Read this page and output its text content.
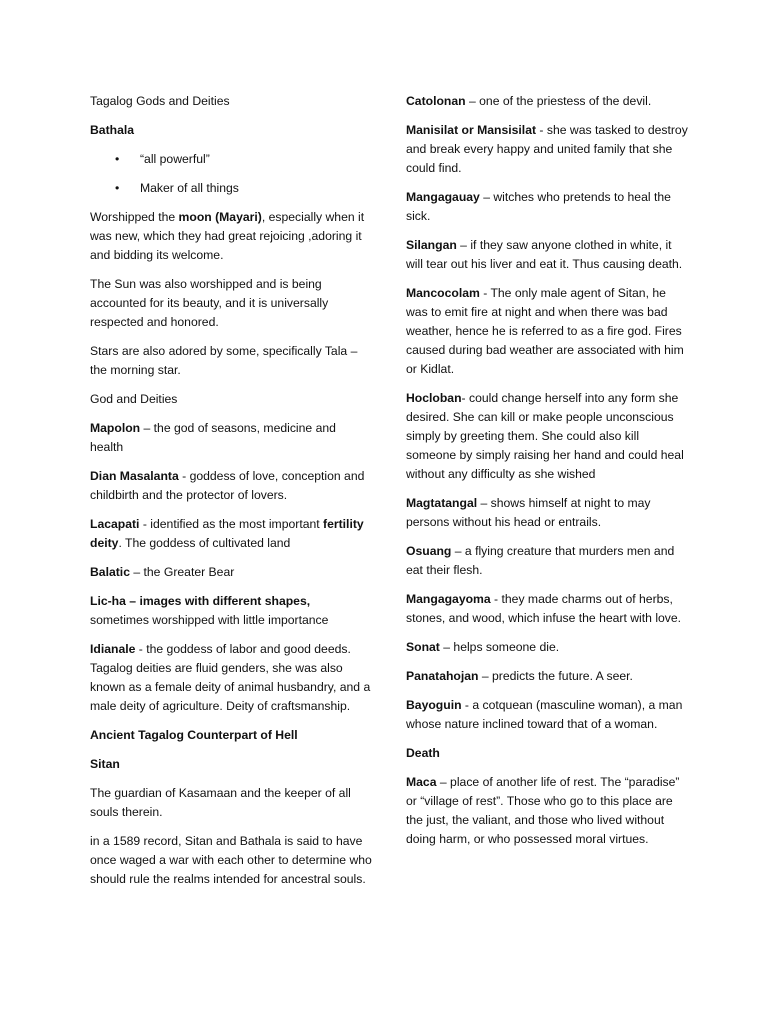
Tagalog Gods and Deities

Bathala

• “all powerful”
• Maker of all things

Worshipped the moon (Mayari), especially when it was new, which they had great rejoicing ,adoring it and bidding its welcome.

The Sun was also worshipped and is being accounted for its beauty, and it is universally respected and honored.

Stars are also adored by some, specifically Tala – the morning star.

God and Deities

Mapolon – the god of seasons, medicine and health

Dian Masalanta - goddess of love, conception and childbirth and the protector of lovers.

Lacapati - identified as the most important fertility deity. The goddess of cultivated land

Balatic – the Greater Bear

Lic-ha – images with different shapes, sometimes worshipped with little importance

Idianale - the goddess of labor and good deeds. Tagalog deities are fluid genders, she was also known as a female deity of animal husbandry, and a male deity of agriculture. Deity of craftsmanship.

Ancient Tagalog Counterpart of Hell

Sitan

The guardian of Kasamaan and the keeper of all souls therein.

in a 1589 record, Sitan and Bathala is said to have once waged a war with each other to determine who should rule the realms intended for ancestral souls.

Catolonan – one of the priestess of the devil.

Manisilat or Mansisilat - she was tasked to destroy and break every happy and united family that she could find.

Mangagauay – witches who pretends to heal the sick.

Silangan – if they saw anyone clothed in white, it will tear out his liver and eat it. Thus causing death.

Mancocolam - The only male agent of Sitan, he was to emit fire at night and when there was bad weather, hence he is referred to as a fire god. Fires caused during bad weather are associated with him or Kidlat.

Hocloban- could change herself into any form she desired. She can kill or make people unconscious simply by greeting them. She could also kill someone by simply raising her hand and could heal without any difficulty as she wished

Magtatangal – shows himself at night to may persons without his head or entrails.

Osuang – a flying creature that murders men and eat their flesh.

Mangagayoma - they made charms out of herbs, stones, and wood, which infuse the heart with love.

Sonat – helps someone die.

Panatahojan – predicts the future. A seer.

Bayoguin - a cotquean (masculine woman), a man whose nature inclined toward that of a woman.

Death

Maca – place of another life of rest. The “paradise” or “village of rest”. Those who go to this place are the just, the valiant, and those who lived without doing harm, or who possessed moral virtues.
